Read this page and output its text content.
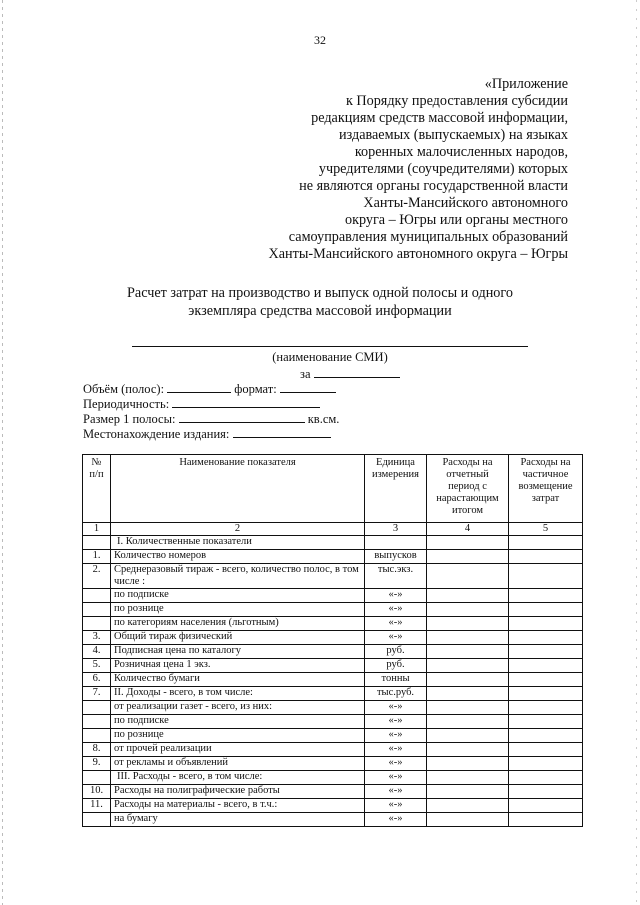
32
«Приложение
к Порядку предоставления субсидии
редакциям средств массовой информации,
издаваемых (выпускаемых) на языках
коренных малочисленных народов,
учредителями (соучредителями) которых
не являются органы государственной власти
Ханты-Мансийского автономного
округа – Югры или органы местного
самоуправления муниципальных образований
Ханты-Мансийского автономного округа – Югры
Расчет затрат на производство и выпуск одной полосы и одного
экземпляра средства массовой информации
(наименование СМИ)
за
Объём (полос):	формат:
Периодичность:
Размер 1 полосы:	кв.см.
Местонахождение издания:
№ п/п	Наименование показателя	Единица измерения	Расходы на отчетный период с нарастающим итогом	Расходы на частичное возмещение затрат
1	2	3	4	5
	I. Количественные показатели			
1.	Количество номеров	выпусков		
2.	Среднеразовый тираж - всего, количество полос, в том числе :	тыс.экз.		
	по подписке	«-»		
	по рознице	«-»		
	по категориям населения (льготным)	«-»		
3.	Общий тираж физический	«-»		
4.	Подписная цена по каталогу	руб.		
5.	Розничная цена 1 экз.	руб.		
6.	Количество бумаги	тонны		
7.	II. Доходы - всего, в том числе:	тыс.руб.		
	от реализации газет - всего, из них:	«-»		
	по подписке	«-»		
	по рознице	«-»		
8.	от прочей реализации	«-»		
9.	от рекламы и объявлений	«-»		
	III. Расходы - всего, в том числе:	«-»		
10.	Расходы на полиграфические работы	«-»		
11.	Расходы на материалы - всего, в т.ч.:	«-»		
	на бумагу	«-»		
